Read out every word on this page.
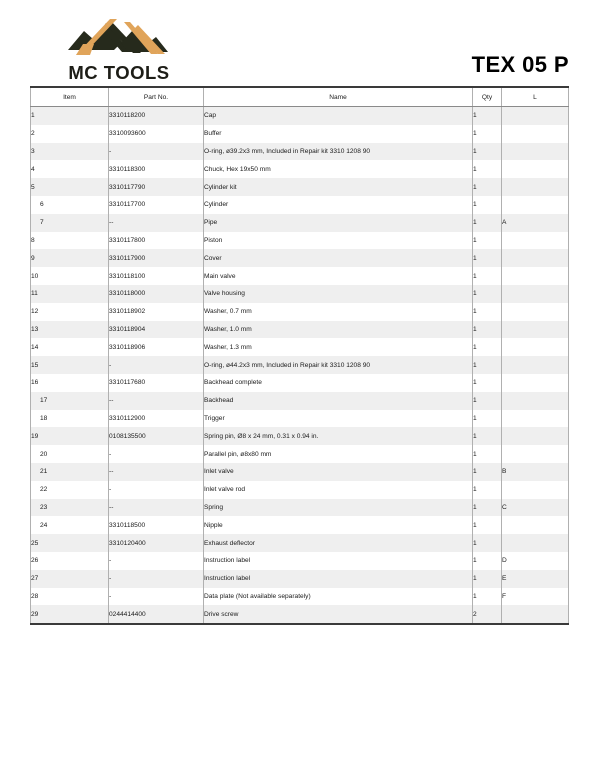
MC TOOLS	TEX 05 P
Item	Part No.	Name	Qty	L
1	3310118200	Cap	1	
2	3310093600	Buffer	1	
3	-	O-ring, ø39.2x3 mm, Included in Repair kit 3310 1208 90	1	
4	3310118300	Chuck, Hex 19x50 mm	1	
5	3310117790	Cylinder kit	1	
6	3310117700	Cylinder	1	
7	--	Pipe	1	A
8	3310117800	Piston	1	
9	3310117900	Cover	1	
10	3310118100	Main valve	1	
11	3310118000	Valve housing	1	
12	3310118902	Washer, 0.7 mm	1	
13	3310118904	Washer, 1.0 mm	1	
14	3310118906	Washer, 1.3 mm	1	
15	-	O-ring, ø44.2x3 mm, Included in Repair kit 3310 1208 90	1	
16	3310117680	Backhead complete	1	
17	--	Backhead	1	
18	3310112900	Trigger	1	
19	0108135500	Spring pin, Ø8 x 24 mm, 0.31 x 0.94 in.	1	
20	-	Parallel pin, ø8x80 mm	1	
21	--	Inlet valve	1	B
22	-	Inlet valve rod	1	
23	--	Spring	1	C
24	3310118500	Nipple	1	
25	3310120400	Exhaust deflector	1	
26	-	Instruction label	1	D
27	-	Instruction label	1	E
28	-	Data plate (Not available separately)	1	F
29	0244414400	Drive screw	2	
